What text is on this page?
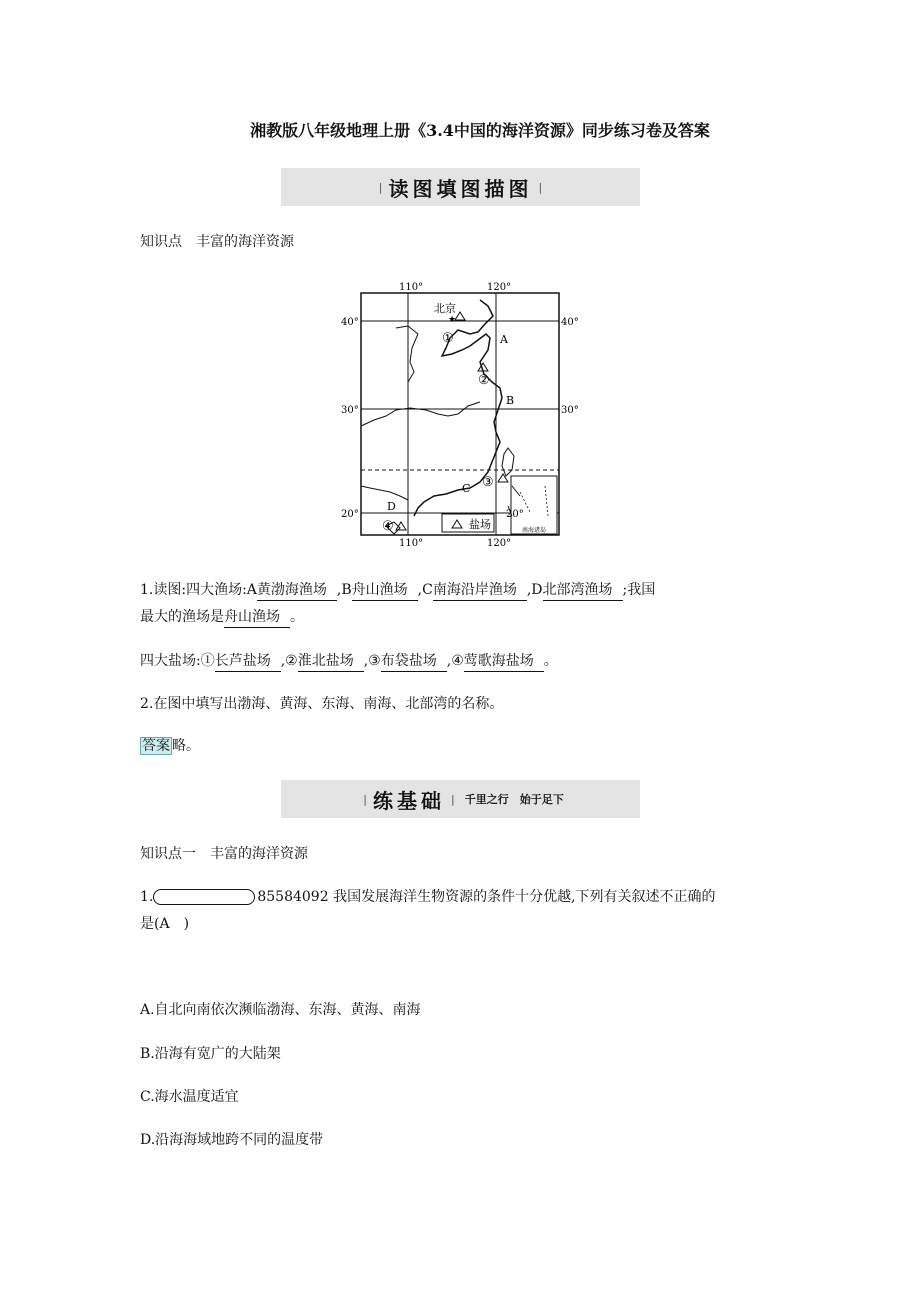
湘教版八年级地理上册《3.4中国的海洋资源》同步练习卷及答案
| 读图填图描图 |
知识点　丰富的海洋资源
南海诸岛
盐场
★
北京
110°	120°
110°	120°
40°	40°
30°	30°
20°	20°
A
B
C
D
①
②
③
④
1.读图:四大渔场:A黄渤海渔场 ,B舟山渔场 ,C南海沿岸渔场 ,D北部湾渔场 ;我国
最大的渔场是舟山渔场 。
四大盐场:①长芦盐场 ,②淮北盐场 ,③布袋盐场 ,④莺歌海盐场 。
2.在图中填写出渤海、黄海、东海、南海、北部湾的名称。
答案 略。
| 练基础 | 千里之行　始于足下
知识点一　丰富的海洋资源
1.	85584092 我国发展海洋生物资源的条件十分优越,下列有关叙述不正确的
是(A　)
A.自北向南依次濒临渤海、东海、黄海、南海
B.沿海有宽广的大陆架
C.海水温度适宜
D.沿海海域地跨不同的温度带
